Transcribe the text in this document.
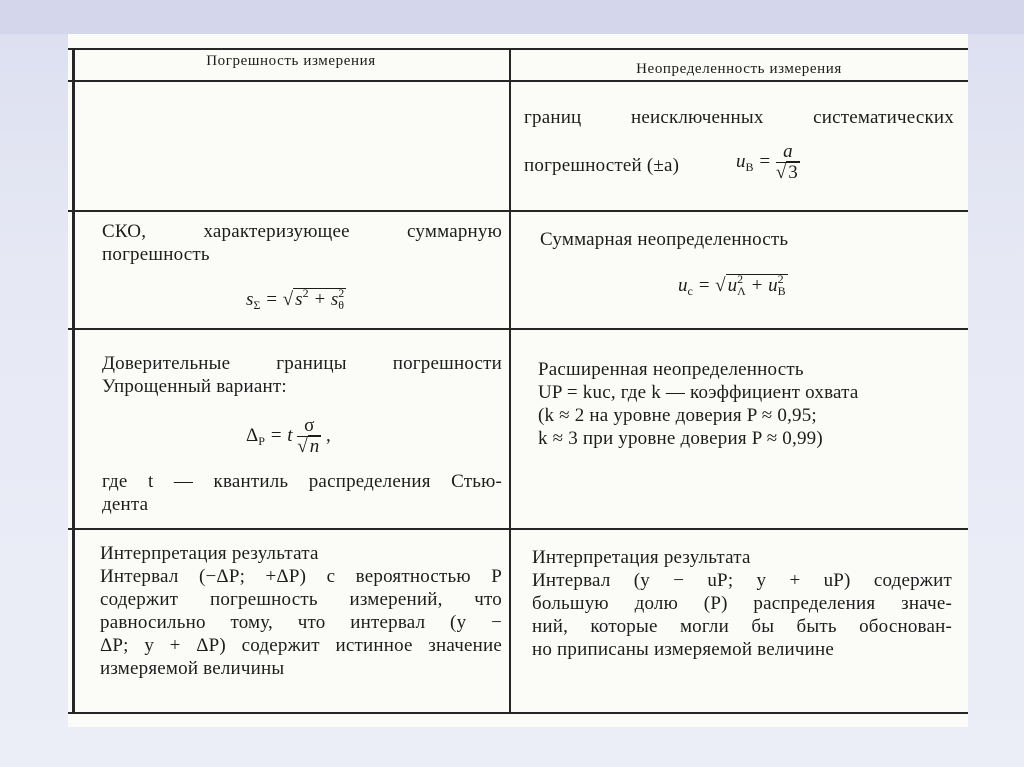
Погрешность измерения	Неопределенность измерения
границ неисключенных систематических
погрешностей (±a)	$u_B = \frac{a}{√ 3}$
СКО, характеризующее суммарную
погрешность
$s_\Sigma$ = √ $s^2 + s^2_\theta$
Суммарная неопределенность
$u_c$ = √ $u^2_\Lambda + u^2_B$
Доверительные границы погрешности
Упрощенный вариант:
$\Delta_P = t \frac{\sigma}{√ n}$ ,
где t — квантиль распределения Стью-
дента
Расширенная неопределенность
UP = kuc, где k — коэффициент охвата
(k ≈ 2 на уровне доверия P ≈ 0,95;
k ≈ 3 при уровне доверия P ≈ 0,99)
Интерпретация результата
Интервал (−ΔP; +ΔP) с вероятностью P
содержит погрешность измерений, что
равносильно тому, что интервал (y −
ΔP; y + ΔP) содержит истинное значение
измеряемой величины
Интерпретация результата
Интервал (y − uP; y + uP) содержит
большую долю (P) распределения значе-
ний, которые могли бы быть обоснован-
но приписаны измеряемой величине
